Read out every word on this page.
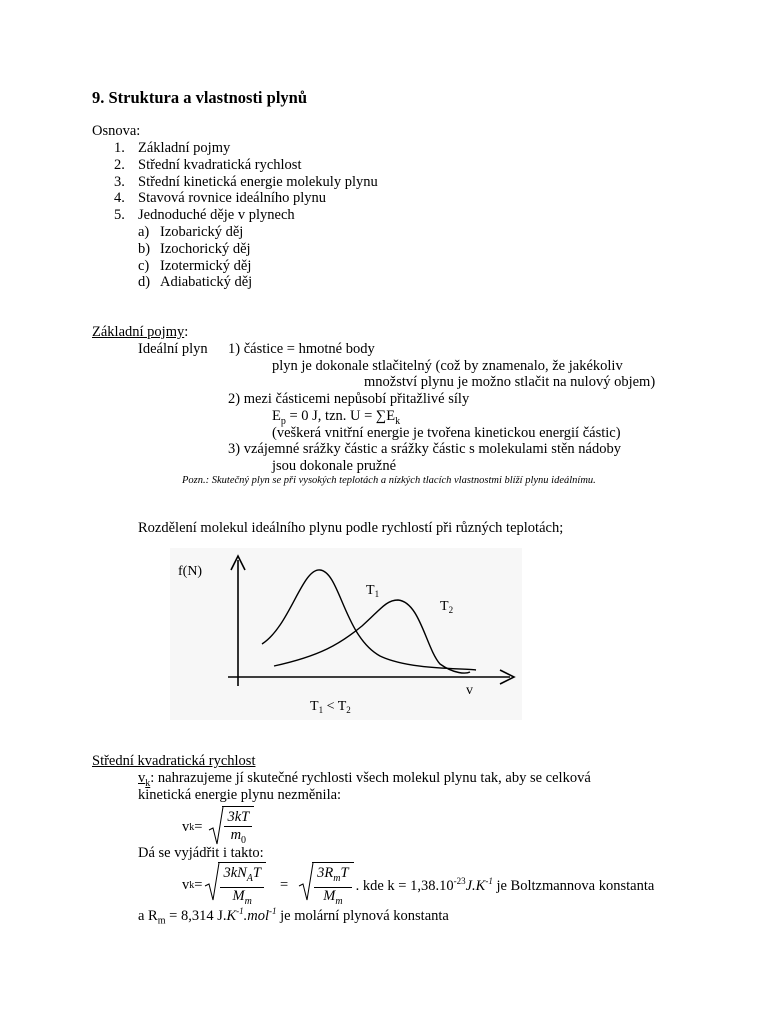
9. Struktura a vlastnosti plynů
Osnova:
1. Základní pojmy
2. Střední kvadratická rychlost
3. Střední kinetická energie molekuly plynu
4. Stavová rovnice ideálního plynu
5. Jednoduché děje v plynech
a) Izobarický děj
b) Izochorický děj
c) Izotermický děj
d) Adiabatický děj
Základní pojmy:
Ideální plyn 1) částice = hmotné body
plyn je dokonale stlačitelný (což by znamenalo, že jakékoliv
množství plynu je možno stlačit na nulový objem)
2) mezi částicemi nepůsobí přitažlivé síly
$E_p = 0$ J, tzn. $U = \sum E_k$
(veškerá vnitřní energie je tvořena kinetickou energií částic)
3) vzájemné srážky částic a srážky částic s molekulami stěn nádoby
jsou dokonale pružné
Pozn.: Skutečný plyn se při vysokých teplotách a nízkých tlacích vlastnostmi blíží plynu ideálnímu.
Rozdělení molekul ideálního plynu podle rychlostí při různých teplotách;
f(N)
v
$T_1$
$T_2$
$T_1 < T_2$
Střední kvadratická rychlost
$v_k$: nahrazujeme jí skutečné rychlosti všech molekul plynu tak, aby se celková
kinetická energie plynu nezměnila:
v $k = \frac{3kT}{m_0}$
Dá se vyjádřit i takto:
v $k = \frac{3kN_AT}{M_m} = \frac{3R_mT}{M_m}$ . kde $k = 1,38.10^{-23}J.K^{-1}$ je Boltzmannova konstanta
a $R_m = 8,314$ $J.K^{-1}.mol^{-1}$ je molární plynová konstanta
